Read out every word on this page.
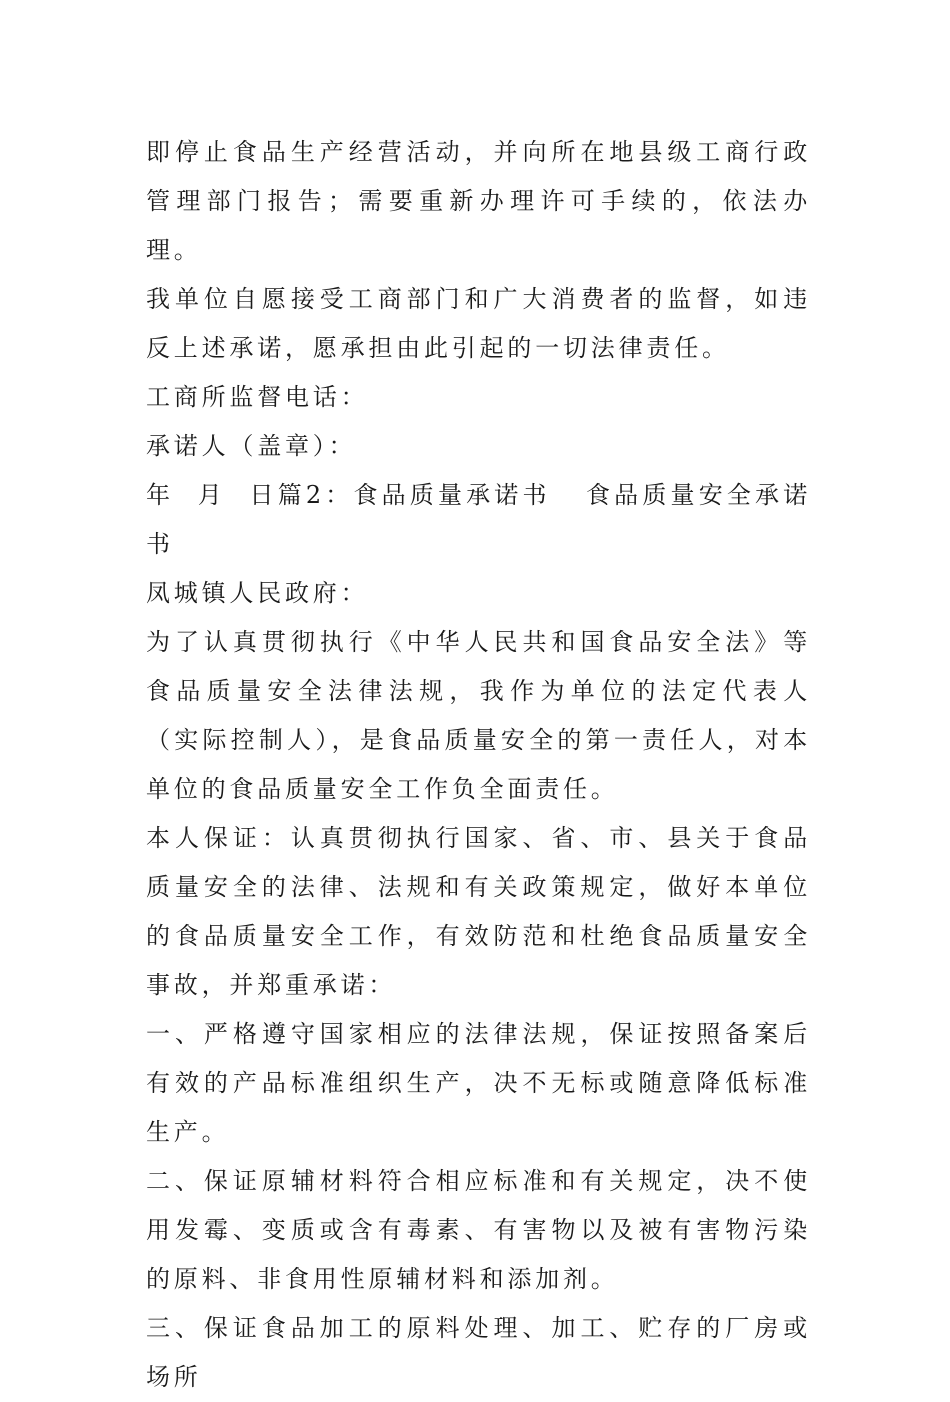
即停止食品生产经营活动，并向所在地县级工商行政管理部门报告；需要重新办理许可手续的，依法办理。

我单位自愿接受工商部门和广大消费者的监督，如违反上述承诺，愿承担由此引起的一切法律责任。

工商所监督电话：

承诺人（盖章）：

年  月  日篇2：食品质量承诺书   食品质量安全承诺书

凤城镇人民政府：

为了认真贯彻执行《中华人民共和国食品安全法》等食品质量安全法律法规，我作为单位的法定代表人（实际控制人），是食品质量安全的第一责任人，对本单位的食品质量安全工作负全面责任。

本人保证：认真贯彻执行国家、省、市、县关于食品质量安全的法律、法规和有关政策规定，做好本单位的食品质量安全工作，有效防范和杜绝食品质量安全事故，并郑重承诺：

一、严格遵守国家相应的法律法规，保证按照备案后有效的产品标准组织生产，决不无标或随意降低标准生产。

二、保证原辅材料符合相应标准和有关规定，决不使用发霉、变质或含有毒素、有害物以及被有害物污染的原料、非食用性原辅材料和添加剂。

三、保证食品加工的原料处理、加工、贮存的厂房或场所
